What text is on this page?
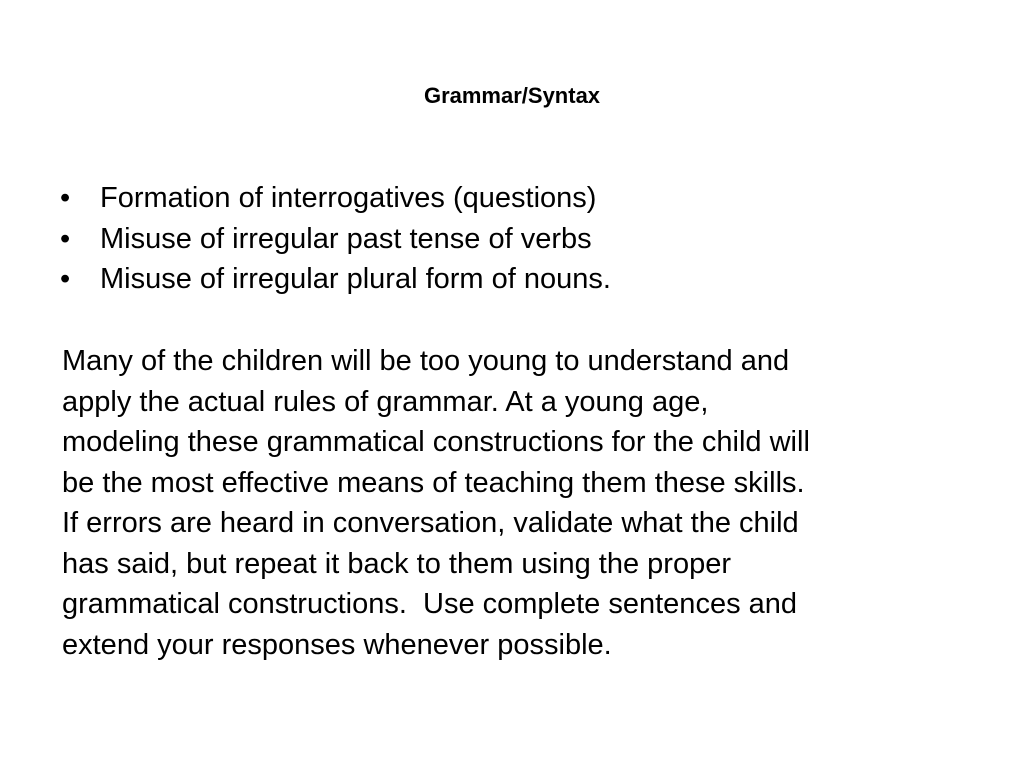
Grammar/Syntax
•	Formation of interrogatives (questions)
•	Misuse of irregular past tense of verbs
•	Misuse of irregular plural form of nouns.

Many of the children will be too young to understand and
apply the actual rules of grammar. At a young age,
modeling these grammatical constructions for the child will
be the most effective means of teaching them these skills.
If errors are heard in conversation, validate what the child
has said, but repeat it back to them using the proper
grammatical constructions.  Use complete sentences and
extend your responses whenever possible.
